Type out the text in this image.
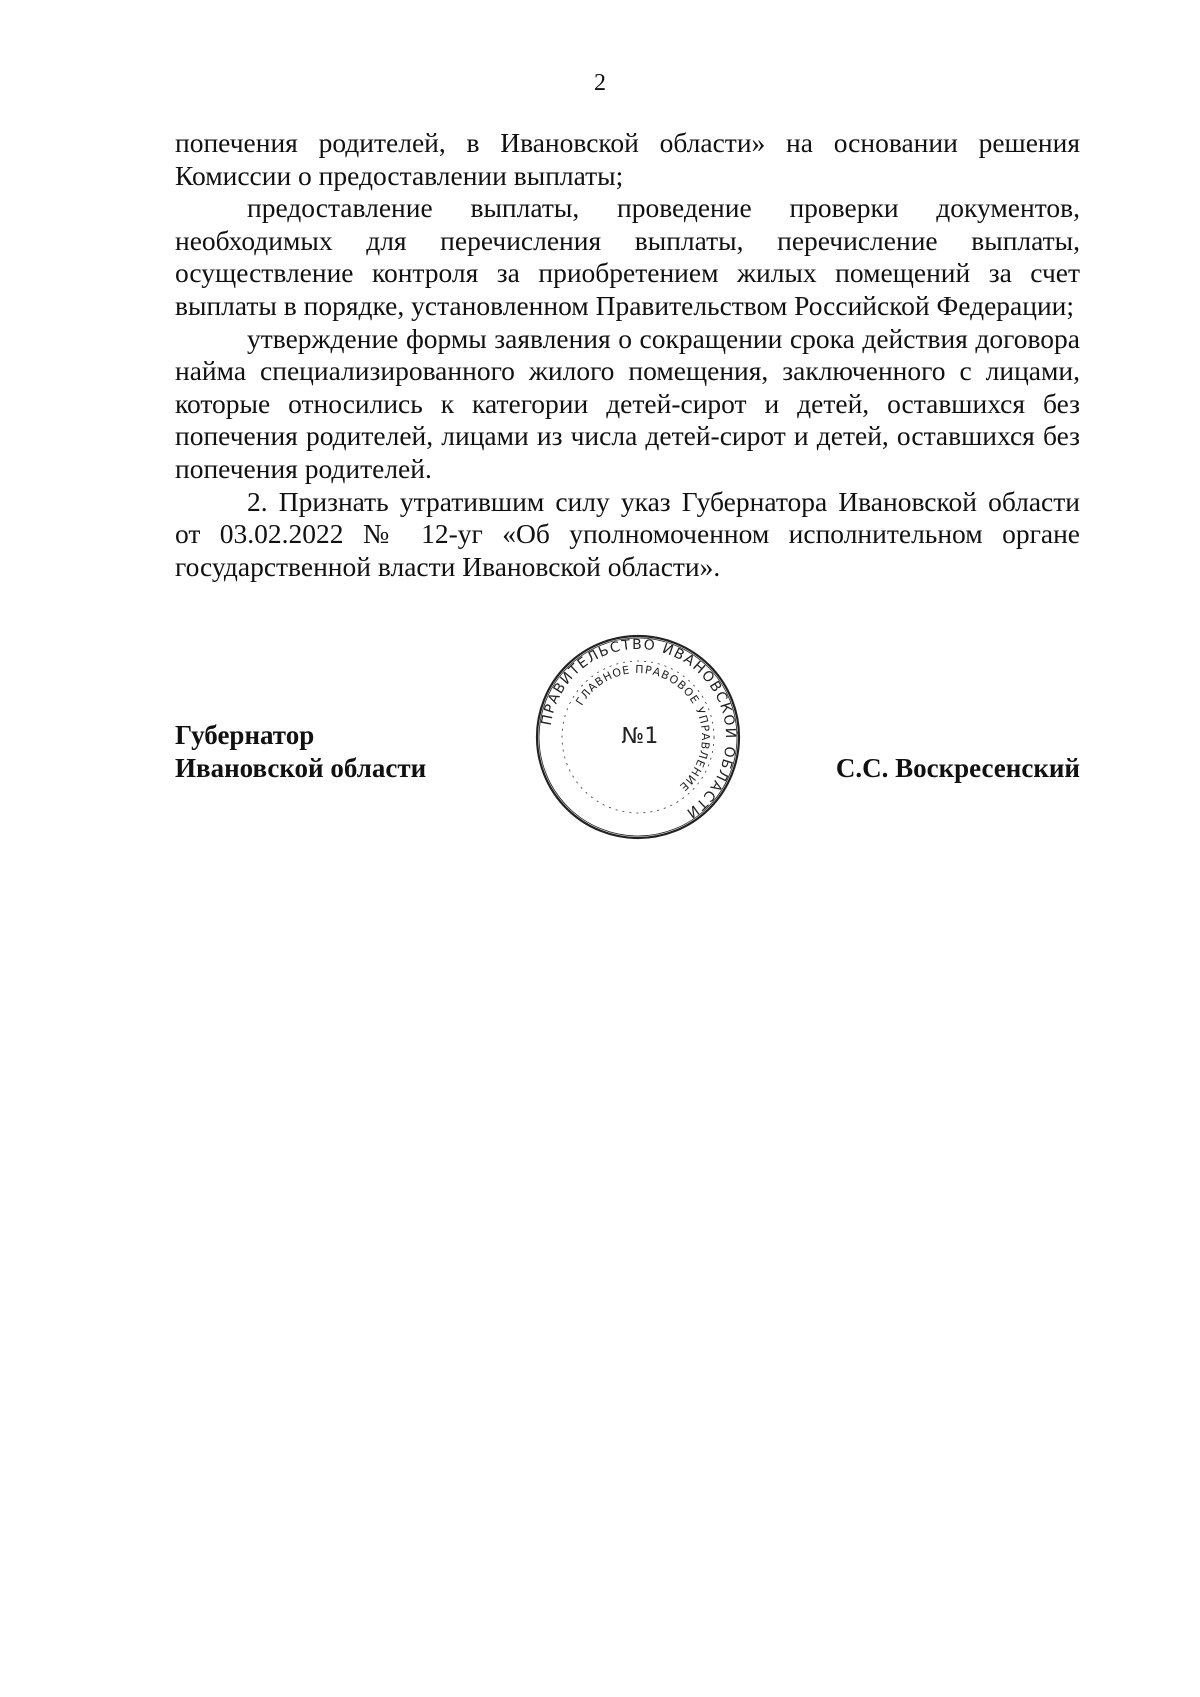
2

попечения родителей, в Ивановской области» на основании решения Комиссии о предоставлении выплаты;

предоставление выплаты, проведение проверки документов, необходимых для перечисления выплаты, перечисление выплаты, осуществление контроля за приобретением жилых помещений за счет выплаты в порядке, установленном Правительством Российской Федерации;

утверждение формы заявления о сокращении срока действия договора найма специализированного жилого помещения, заключенного с лицами, которые относились к категории детей-сирот и детей, оставшихся без попечения родителей, лицами из числа детей-сирот и детей, оставшихся без попечения родителей.

2. Признать утратившим силу указ Губернатора Ивановской области от 03.02.2022 № 12-уг «Об уполномоченном исполнительном органе государственной власти Ивановской области».

Губернатор
Ивановской области	С.С. Воскресенский
ПРАВИТЕЛЬСТВО ИВАНОВСКОЙ ОБЛАСТИ
ГЛАВНОЕ ПРАВОВОЕ УПРАВЛЕНИЕ
№1
